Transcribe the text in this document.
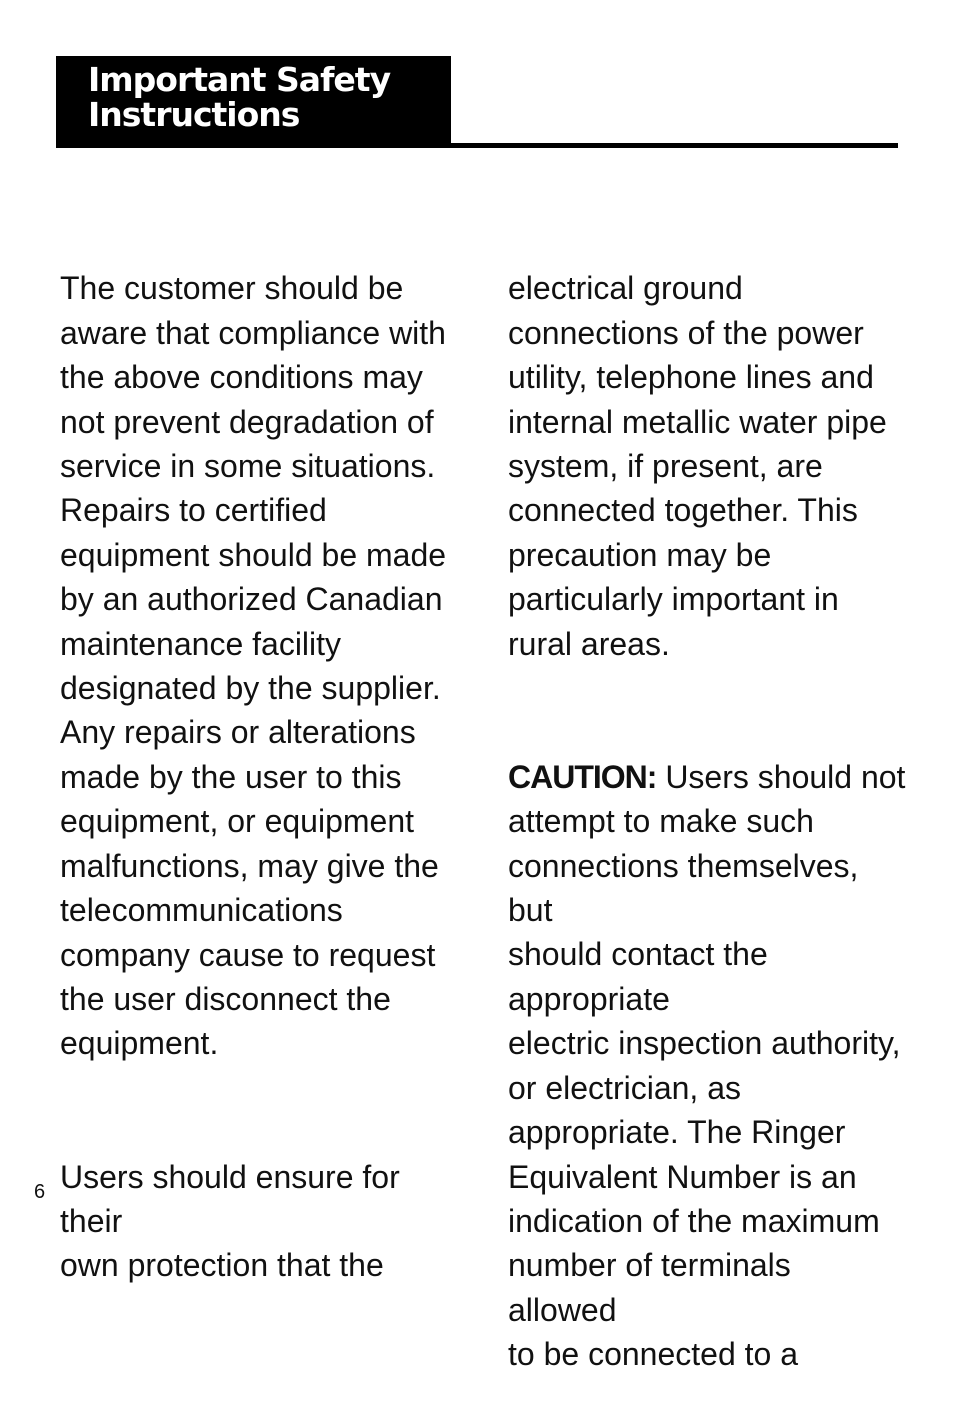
Important Safety
Instructions

The customer should be
aware that compliance with
the above conditions may
not prevent degradation of
service in some situations.
Repairs to certified
equipment should be made
by an authorized Canadian
maintenance facility
designated by the supplier.
Any repairs or alterations
made by the user to this
equipment, or equipment
malfunctions, may give the
telecommunications
company cause to request
the user disconnect the
equipment.

Users should ensure for their
own protection that the

electrical ground
connections of the power
utility, telephone lines and
internal metallic water pipe
system, if present, are
connected together. This
precaution may be
particularly important in
rural areas.

CAUTION: Users should not
attempt to make such
connections themselves, but
should contact the appropriate
electric inspection authority,
or electrician, as
appropriate. The Ringer
Equivalent Number is an
indication of the maximum
number of terminals allowed
to be connected to a

6
